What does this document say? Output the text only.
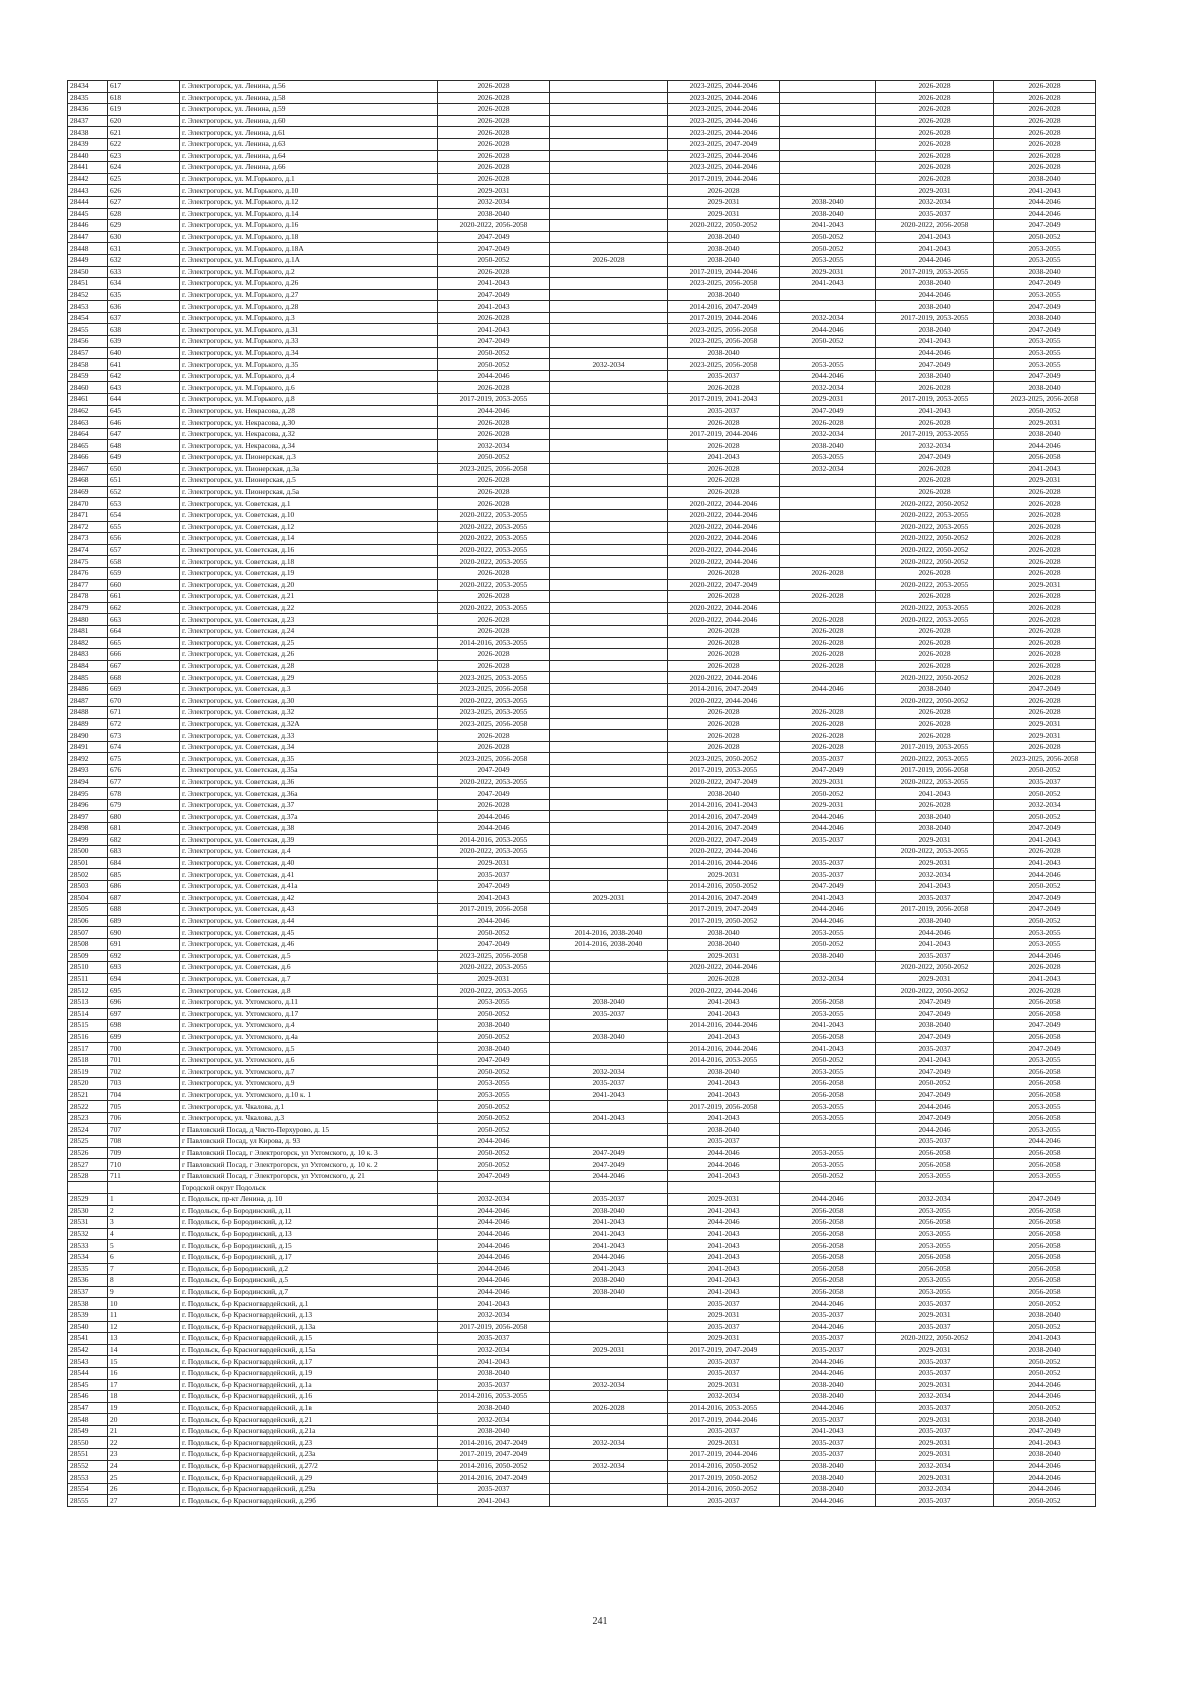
28434	617	г. Электрогорск, ул. Ленина, д.56	2026-2028		2023-2025, 2044-2046		2026-2028	2026-2028
28435	618	г. Электрогорск, ул. Ленина, д.58	2026-2028		2023-2025, 2044-2046		2026-2028	2026-2028
28436	619	г. Электрогорск, ул. Ленина, д.59	2026-2028		2023-2025, 2044-2046		2026-2028	2026-2028
28437	620	г. Электрогорск, ул. Ленина, д.60	2026-2028		2023-2025, 2044-2046		2026-2028	2026-2028
28438	621	г. Электрогорск, ул. Ленина, д.61	2026-2028		2023-2025, 2044-2046		2026-2028	2026-2028
28439	622	г. Электрогорск, ул. Ленина, д.63	2026-2028		2023-2025, 2047-2049		2026-2028	2026-2028
28440	623	г. Электрогорск, ул. Ленина, д.64	2026-2028		2023-2025, 2044-2046		2026-2028	2026-2028
28441	624	г. Электрогорск, ул. Ленина, д.66	2026-2028		2023-2025, 2044-2046		2026-2028	2026-2028
28442	625	г. Электрогорск, ул. М.Горького, д.1	2026-2028		2017-2019, 2044-2046		2026-2028	2038-2040
28443	626	г. Электрогорск, ул. М.Горького, д.10	2029-2031		2026-2028		2029-2031	2041-2043
28444	627	г. Электрогорск, ул. М.Горького, д.12	2032-2034		2029-2031	2038-2040	2032-2034	2044-2046
28445	628	г. Электрогорск, ул. М.Горького, д.14	2038-2040		2029-2031	2038-2040	2035-2037	2044-2046
28446	629	г. Электрогорск, ул. М.Горького, д.16	2020-2022, 2056-2058		2020-2022, 2050-2052	2041-2043	2020-2022, 2056-2058	2047-2049
28447	630	г. Электрогорск, ул. М.Горького, д.18	2047-2049		2038-2040	2050-2052	2041-2043	2050-2052
28448	631	г. Электрогорск, ул. М.Горького, д.18А	2047-2049		2038-2040	2050-2052	2041-2043	2053-2055
28449	632	г. Электрогорск, ул. М.Горького, д.1А	2050-2052	2026-2028	2038-2040	2053-2055	2044-2046	2053-2055
28450	633	г. Электрогорск, ул. М.Горького, д.2	2026-2028		2017-2019, 2044-2046	2029-2031	2017-2019, 2053-2055	2038-2040
28451	634	г. Электрогорск, ул. М.Горького, д.26	2041-2043		2023-2025, 2056-2058	2041-2043	2038-2040	2047-2049
28452	635	г. Электрогорск, ул. М.Горького, д.27	2047-2049		2038-2040		2044-2046	2053-2055
28453	636	г. Электрогорск, ул. М.Горького, д.28	2041-2043		2014-2016, 2047-2049		2038-2040	2047-2049
28454	637	г. Электрогорск, ул. М.Горького, д.3	2026-2028		2017-2019, 2044-2046	2032-2034	2017-2019, 2053-2055	2038-2040
28455	638	г. Электрогорск, ул. М.Горького, д.31	2041-2043		2023-2025, 2056-2058	2044-2046	2038-2040	2047-2049
28456	639	г. Электрогорск, ул. М.Горького, д.33	2047-2049		2023-2025, 2056-2058	2050-2052	2041-2043	2053-2055
28457	640	г. Электрогорск, ул. М.Горького, д.34	2050-2052		2038-2040		2044-2046	2053-2055
28458	641	г. Электрогорск, ул. М.Горького, д.35	2050-2052	2032-2034	2023-2025, 2056-2058	2053-2055	2047-2049	2053-2055
28459	642	г. Электрогорск, ул. М.Горького, д.4	2044-2046		2035-2037	2044-2046	2038-2040	2047-2049
28460	643	г. Электрогорск, ул. М.Горького, д.6	2026-2028		2026-2028	2032-2034	2026-2028	2038-2040
28461	644	г. Электрогорск, ул. М.Горького, д.8	2017-2019, 2053-2055		2017-2019, 2041-2043	2029-2031	2017-2019, 2053-2055	2023-2025, 2056-2058
28462	645	г. Электрогорск, ул. Некрасова, д.28	2044-2046		2035-2037	2047-2049	2041-2043	2050-2052
28463	646	г. Электрогорск, ул. Некрасова, д.30	2026-2028		2026-2028	2026-2028	2026-2028	2029-2031
28464	647	г. Электрогорск, ул. Некрасова, д.32	2026-2028		2017-2019, 2044-2046	2032-2034	2017-2019, 2053-2055	2038-2040
28465	648	г. Электрогорск, ул. Некрасова, д.34	2032-2034		2026-2028	2038-2040	2032-2034	2044-2046
28466	649	г. Электрогорск, ул. Пионерская, д.3	2050-2052		2041-2043	2053-2055	2047-2049	2056-2058
28467	650	г. Электрогорск, ул. Пионерская, д.3а	2023-2025, 2056-2058		2026-2028	2032-2034	2026-2028	2041-2043
28468	651	г. Электрогорск, ул. Пионерская, д.5	2026-2028		2026-2028		2026-2028	2029-2031
28469	652	г. Электрогорск, ул. Пионерская, д.5а	2026-2028		2026-2028		2026-2028	2026-2028
28470	653	г. Электрогорск, ул. Советская, д.1	2026-2028		2020-2022, 2044-2046		2020-2022, 2050-2052	2026-2028
28471	654	г. Электрогорск, ул. Советская, д.10	2020-2022, 2053-2055		2020-2022, 2044-2046		2020-2022, 2053-2055	2026-2028
28472	655	г. Электрогорск, ул. Советская, д.12	2020-2022, 2053-2055		2020-2022, 2044-2046		2020-2022, 2053-2055	2026-2028
28473	656	г. Электрогорск, ул. Советская, д.14	2020-2022, 2053-2055		2020-2022, 2044-2046		2020-2022, 2050-2052	2026-2028
28474	657	г. Электрогорск, ул. Советская, д.16	2020-2022, 2053-2055		2020-2022, 2044-2046		2020-2022, 2050-2052	2026-2028
28475	658	г. Электрогорск, ул. Советская, д.18	2020-2022, 2053-2055		2020-2022, 2044-2046		2020-2022, 2050-2052	2026-2028
28476	659	г. Электрогорск, ул. Советская, д.19	2026-2028		2026-2028	2026-2028	2026-2028	2026-2028
28477	660	г. Электрогорск, ул. Советская, д.20	2020-2022, 2053-2055		2020-2022, 2047-2049		2020-2022, 2053-2055	2029-2031
28478	661	г. Электрогорск, ул. Советская, д.21	2026-2028		2026-2028	2026-2028	2026-2028	2026-2028
28479	662	г. Электрогорск, ул. Советская, д.22	2020-2022, 2053-2055		2020-2022, 2044-2046		2020-2022, 2053-2055	2026-2028
28480	663	г. Электрогорск, ул. Советская, д.23	2026-2028		2020-2022, 2044-2046	2026-2028	2020-2022, 2053-2055	2026-2028
28481	664	г. Электрогорск, ул. Советская, д.24	2026-2028		2026-2028	2026-2028	2026-2028	2026-2028
28482	665	г. Электрогорск, ул. Советская, д.25	2014-2016, 2053-2055		2026-2028	2026-2028	2026-2028	2026-2028
28483	666	г. Электрогорск, ул. Советская, д.26	2026-2028		2026-2028	2026-2028	2026-2028	2026-2028
28484	667	г. Электрогорск, ул. Советская, д.28	2026-2028		2026-2028	2026-2028	2026-2028	2026-2028
28485	668	г. Электрогорск, ул. Советская, д.29	2023-2025, 2053-2055		2020-2022, 2044-2046		2020-2022, 2050-2052	2026-2028
28486	669	г. Электрогорск, ул. Советская, д.3	2023-2025, 2056-2058		2014-2016, 2047-2049	2044-2046	2038-2040	2047-2049
28487	670	г. Электрогорск, ул. Советская, д.30	2020-2022, 2053-2055		2020-2022, 2044-2046		2020-2022, 2050-2052	2026-2028
28488	671	г. Электрогорск, ул. Советская, д.32	2023-2025, 2053-2055		2026-2028	2026-2028	2026-2028	2026-2028
28489	672	г. Электрогорск, ул. Советская, д.32А	2023-2025, 2056-2058		2026-2028	2026-2028	2026-2028	2029-2031
28490	673	г. Электрогорск, ул. Советская, д.33	2026-2028		2026-2028	2026-2028	2026-2028	2029-2031
28491	674	г. Электрогорск, ул. Советская, д.34	2026-2028		2026-2028	2026-2028	2017-2019, 2053-2055	2026-2028
28492	675	г. Электрогорск, ул. Советская, д.35	2023-2025, 2056-2058		2023-2025, 2050-2052	2035-2037	2020-2022, 2053-2055	2023-2025, 2056-2058
28493	676	г. Электрогорск, ул. Советская, д.35а	2047-2049		2017-2019, 2053-2055	2047-2049	2017-2019, 2056-2058	2050-2052
28494	677	г. Электрогорск, ул. Советская, д.36	2020-2022, 2053-2055		2020-2022, 2047-2049	2029-2031	2020-2022, 2053-2055	2035-2037
28495	678	г. Электрогорск, ул. Советская, д.36а	2047-2049		2038-2040	2050-2052	2041-2043	2050-2052
28496	679	г. Электрогорск, ул. Советская, д.37	2026-2028		2014-2016, 2041-2043	2029-2031	2026-2028	2032-2034
28497	680	г. Электрогорск, ул. Советская, д.37а	2044-2046		2014-2016, 2047-2049	2044-2046	2038-2040	2050-2052
28498	681	г. Электрогорск, ул. Советская, д.38	2044-2046		2014-2016, 2047-2049	2044-2046	2038-2040	2047-2049
28499	682	г. Электрогорск, ул. Советская, д.39	2014-2016, 2053-2055		2020-2022, 2047-2049	2035-2037	2029-2031	2041-2043
28500	683	г. Электрогорск, ул. Советская, д.4	2020-2022, 2053-2055		2020-2022, 2044-2046		2020-2022, 2053-2055	2026-2028
28501	684	г. Электрогорск, ул. Советская, д.40	2029-2031		2014-2016, 2044-2046	2035-2037	2029-2031	2041-2043
28502	685	г. Электрогорск, ул. Советская, д.41	2035-2037		2029-2031	2035-2037	2032-2034	2044-2046
28503	686	г. Электрогорск, ул. Советская, д.41а	2047-2049		2014-2016, 2050-2052	2047-2049	2041-2043	2050-2052
28504	687	г. Электрогорск, ул. Советская, д.42	2041-2043	2029-2031	2014-2016, 2047-2049	2041-2043	2035-2037	2047-2049
28505	688	г. Электрогорск, ул. Советская, д.43	2017-2019, 2056-2058		2017-2019, 2047-2049	2044-2046	2017-2019, 2056-2058	2047-2049
28506	689	г. Электрогорск, ул. Советская, д.44	2044-2046		2017-2019, 2050-2052	2044-2046	2038-2040	2050-2052
28507	690	г. Электрогорск, ул. Советская, д.45	2050-2052	2014-2016, 2038-2040	2038-2040	2053-2055	2044-2046	2053-2055
28508	691	г. Электрогорск, ул. Советская, д.46	2047-2049	2014-2016, 2038-2040	2038-2040	2050-2052	2041-2043	2053-2055
28509	692	г. Электрогорск, ул. Советская, д.5	2023-2025, 2056-2058		2029-2031	2038-2040	2035-2037	2044-2046
28510	693	г. Электрогорск, ул. Советская, д.6	2020-2022, 2053-2055		2020-2022, 2044-2046		2020-2022, 2050-2052	2026-2028
28511	694	г. Электрогорск, ул. Советская, д.7	2029-2031		2026-2028	2032-2034	2029-2031	2041-2043
28512	695	г. Электрогорск, ул. Советская, д.8	2020-2022, 2053-2055		2020-2022, 2044-2046		2020-2022, 2050-2052	2026-2028
28513	696	г. Электрогорск, ул. Ухтомского, д.11	2053-2055	2038-2040	2041-2043	2056-2058	2047-2049	2056-2058
28514	697	г. Электрогорск, ул. Ухтомского, д.17	2050-2052	2035-2037	2041-2043	2053-2055	2047-2049	2056-2058
28515	698	г. Электрогорск, ул. Ухтомского, д.4	2038-2040		2014-2016, 2044-2046	2041-2043	2038-2040	2047-2049
28516	699	г. Электрогорск, ул. Ухтомского, д.4а	2050-2052	2038-2040	2041-2043	2056-2058	2047-2049	2056-2058
28517	700	г. Электрогорск, ул. Ухтомского, д.5	2038-2040		2014-2016, 2044-2046	2041-2043	2035-2037	2047-2049
28518	701	г. Электрогорск, ул. Ухтомского, д.6	2047-2049		2014-2016, 2053-2055	2050-2052	2041-2043	2053-2055
28519	702	г. Электрогорск, ул. Ухтомского, д.7	2050-2052	2032-2034	2038-2040	2053-2055	2047-2049	2056-2058
28520	703	г. Электрогорск, ул. Ухтомского, д.9	2053-2055	2035-2037	2041-2043	2056-2058	2050-2052	2056-2058
28521	704	г. Электрогорск, ул. Ухтомского, д.10 к. 1	2053-2055	2041-2043	2041-2043	2056-2058	2047-2049	2056-2058
28522	705	г. Электрогорск, ул. Чкалова, д.1	2050-2052		2017-2019, 2056-2058	2053-2055	2044-2046	2053-2055
28523	706	г. Электрогорск, ул. Чкалова, д.3	2050-2052	2041-2043	2041-2043	2053-2055	2047-2049	2056-2058
28524	707	г Павловский Посад, д Чисто-Перхурово, д. 15	2050-2052		2038-2040		2044-2046	2053-2055
28525	708	г Павловский Посад, ул Кирова, д. 93	2044-2046		2035-2037		2035-2037	2044-2046
28526	709	г Павловский Посад, г Электрогорск, ул Ухтомского, д. 10 к. 3	2050-2052	2047-2049	2044-2046	2053-2055	2056-2058	2056-2058
28527	710	г Павловский Посад, г Электрогорск, ул Ухтомского, д. 10 к. 2	2050-2052	2047-2049	2044-2046	2053-2055	2056-2058	2056-2058
28528	711	г Павловский Посад, г Электрогорск, ул Ухтомского, д. 21	2047-2049	2044-2046	2041-2043	2050-2052	2053-2055	2053-2055
		Городской округ Подольск						
28529	1	г. Подольск, пр-кт Ленина, д. 10	2032-2034	2035-2037	2029-2031	2044-2046	2032-2034	2047-2049
28530	2	г. Подольск, б-р Бородинский, д.11	2044-2046	2038-2040	2041-2043	2056-2058	2053-2055	2056-2058
28531	3	г. Подольск, б-р Бородинский, д.12	2044-2046	2041-2043	2044-2046	2056-2058	2056-2058	2056-2058
28532	4	г. Подольск, б-р Бородинский, д.13	2044-2046	2041-2043	2041-2043	2056-2058	2053-2055	2056-2058
28533	5	г. Подольск, б-р Бородинский, д.15	2044-2046	2041-2043	2041-2043	2056-2058	2053-2055	2056-2058
28534	6	г. Подольск, б-р Бородинский, д.17	2044-2046	2044-2046	2041-2043	2056-2058	2056-2058	2056-2058
28535	7	г. Подольск, б-р Бородинский, д.2	2044-2046	2041-2043	2041-2043	2056-2058	2056-2058	2056-2058
28536	8	г. Подольск, б-р Бородинский, д.5	2044-2046	2038-2040	2041-2043	2056-2058	2053-2055	2056-2058
28537	9	г. Подольск, б-р Бородинский, д.7	2044-2046	2038-2040	2041-2043	2056-2058	2053-2055	2056-2058
28538	10	г. Подольск, б-р Красногвардейский, д.1	2041-2043		2035-2037	2044-2046	2035-2037	2050-2052
28539	11	г. Подольск, б-р Красногвардейский, д.13	2032-2034		2029-2031	2035-2037	2029-2031	2038-2040
28540	12	г. Подольск, б-р Красногвардейский, д.13а	2017-2019, 2056-2058		2035-2037	2044-2046	2035-2037	2050-2052
28541	13	г. Подольск, б-р Красногвардейский, д.15	2035-2037		2029-2031	2035-2037	2020-2022, 2050-2052	2041-2043
28542	14	г. Подольск, б-р Красногвардейский, д.15а	2032-2034	2029-2031	2017-2019, 2047-2049	2035-2037	2029-2031	2038-2040
28543	15	г. Подольск, б-р Красногвардейский, д.17	2041-2043		2035-2037	2044-2046	2035-2037	2050-2052
28544	16	г. Подольск, б-р Красногвардейский, д.19	2038-2040		2035-2037	2044-2046	2035-2037	2050-2052
28545	17	г. Подольск, б-р Красногвардейский, д.1а	2035-2037	2032-2034	2029-2031	2038-2040	2029-2031	2044-2046
28546	18	г. Подольск, б-р Красногвардейский, д.16	2014-2016, 2053-2055		2032-2034	2038-2040	2032-2034	2044-2046
28547	19	г. Подольск, б-р Красногвардейский, д.1в	2038-2040	2026-2028	2014-2016, 2053-2055	2044-2046	2035-2037	2050-2052
28548	20	г. Подольск, б-р Красногвардейский, д.21	2032-2034		2017-2019, 2044-2046	2035-2037	2029-2031	2038-2040
28549	21	г. Подольск, б-р Красногвардейский, д.21а	2038-2040		2035-2037	2041-2043	2035-2037	2047-2049
28550	22	г. Подольск, б-р Красногвардейский, д.23	2014-2016, 2047-2049	2032-2034	2029-2031	2035-2037	2029-2031	2041-2043
28551	23	г. Подольск, б-р Красногвардейский, д.23а	2017-2019, 2047-2049		2017-2019, 2044-2046	2035-2037	2029-2031	2038-2040
28552	24	г. Подольск, б-р Красногвардейский, д.27/2	2014-2016, 2050-2052	2032-2034	2014-2016, 2050-2052	2038-2040	2032-2034	2044-2046
28553	25	г. Подольск, б-р Красногвардейский, д.29	2014-2016, 2047-2049		2017-2019, 2050-2052	2038-2040	2029-2031	2044-2046
28554	26	г. Подольск, б-р Красногвардейский, д.29а	2035-2037		2014-2016, 2050-2052	2038-2040	2032-2034	2044-2046
28555	27	г. Подольск, б-р Красногвардейский, д.29б	2041-2043		2035-2037	2044-2046	2035-2037	2050-2052
241
